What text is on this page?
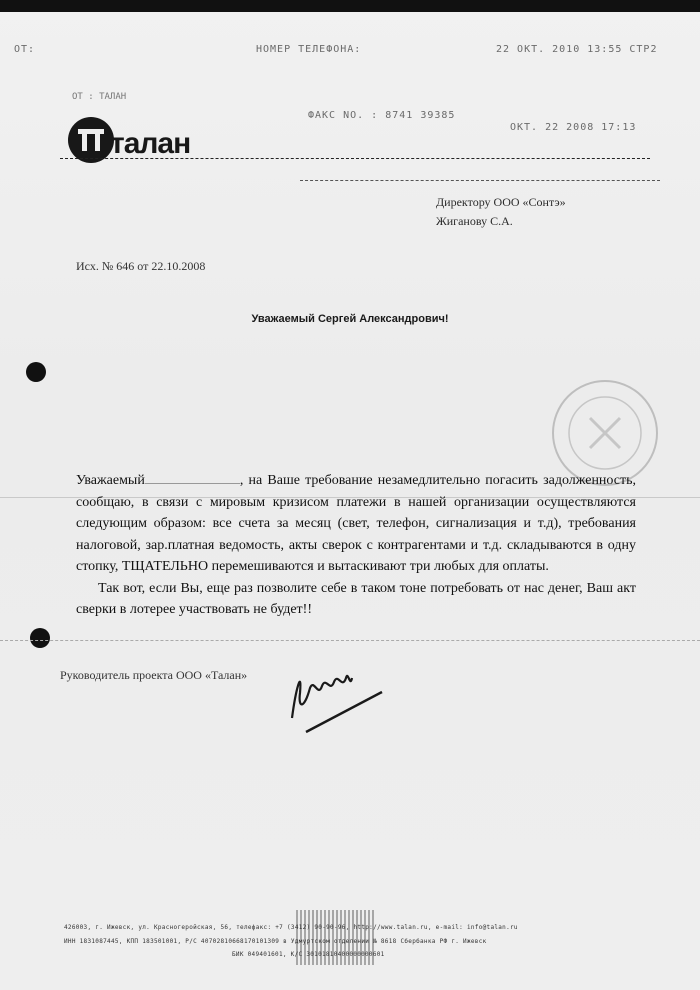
ОТ:	НОМЕР ТЕЛЕФОНА:	22 ОКТ. 2010 13:55 СТР2
ФАКС NO. : 8741 39385
ОКТ. 22 2008 17:13
ОТ : ТАЛАН
талан
Директору ООО «Сонтэ»
Жиганову С.А.
Исх. № 646 от 22.10.2008
Уважаемый Сергей Александрович!

Уважаемый	, на Ваше требование незамедлительно погасить задолженность, сообщаю, в связи с мировым кризисом платежи в нашей организации осуществляются следующим образом: все счета за месяц (свет, телефон, сигнализация и т.д), требования налоговой, зар.платная ведомость, акты сверок с контрагентами и т.д. складываются в одну стопку, ТЩАТЕЛЬНО перемешиваются и вытаскивают три любых для оплаты.

Так вот, если Вы, еще раз позволите себе в таком тоне потребовать от нас денег, Ваш акт сверки в лотерее участвовать не будет!!

Руководитель проекта ООО «Талан»
426003, г. Ижевск, ул. Красногеройская, 56, телефакс: +7 (3412) 90-90-96, http://www.talan.ru, e-mail: info@talan.ru
ИНН 1831087445, КПП 183501001, Р/С 40702810668170101309 в Удмуртском отделении № 8618 Сбербанка РФ г. Ижевск
БИК 049401601, К/С 30101810400000000601
